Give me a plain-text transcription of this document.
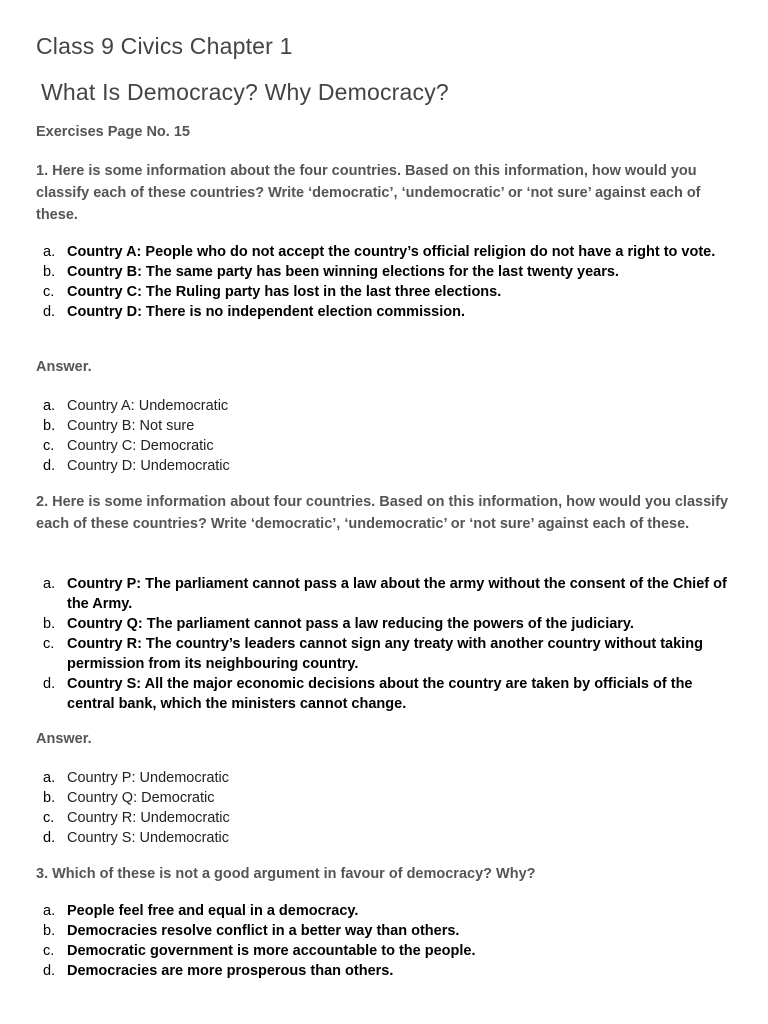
Class 9 Civics Chapter 1
What Is Democracy? Why Democracy?

Exercises Page No. 15

1. Here is some information about the four countries. Based on this information, how would you classify each of these countries? Write ‘democratic’, ‘undemocratic’ or ‘not sure’ against each of these.

a. Country A: People who do not accept the country’s official religion do not have a right to vote.
b. Country B: The same party has been winning elections for the last twenty years.
c. Country C: The Ruling party has lost in the last three elections.
d. Country D: There is no independent election commission.

Answer.

a. Country A: Undemocratic
b. Country B: Not sure
c. Country C: Democratic
d. Country D: Undemocratic

2. Here is some information about four countries. Based on this information, how would you classify each of these countries? Write ‘democratic’, ‘undemocratic’ or ‘not sure’ against each of these.

a. Country P: The parliament cannot pass a law about the army without the consent of the Chief of the Army.
b. Country Q: The parliament cannot pass a law reducing the powers of the judiciary.
c. Country R: The country’s leaders cannot sign any treaty with another country without taking permission from its neighbouring country.
d. Country S: All the major economic decisions about the country are taken by officials of the central bank, which the ministers cannot change.

Answer.

a. Country P: Undemocratic
b. Country Q: Democratic
c. Country R: Undemocratic
d. Country S: Undemocratic

3. Which of these is not a good argument in favour of democracy? Why?

a. People feel free and equal in a democracy.
b. Democracies resolve conflict in a better way than others.
c. Democratic government is more accountable to the people.
d. Democracies are more prosperous than others.
